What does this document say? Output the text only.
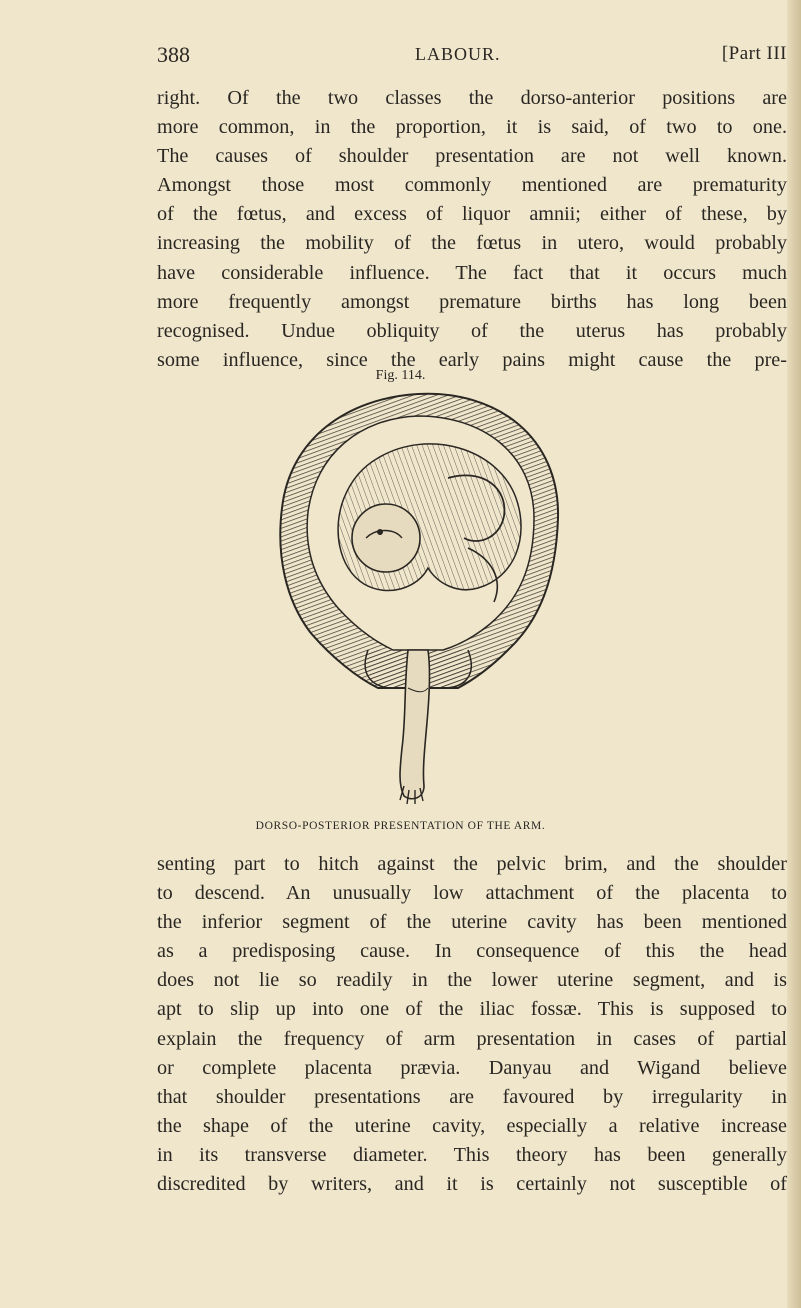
388	LABOUR.	[Part III
right. Of the two classes the dorso-anterior positions are
more common, in the proportion, it is said, of two to one.
The causes of shoulder presentation are not well known.
Amongst those most commonly mentioned are prematurity
of the fœtus, and excess of liquor amnii; either of these, by
increasing the mobility of the fœtus in utero, would probably
have considerable influence. The fact that it occurs much
more frequently amongst premature births has long been
recognised. Undue obliquity of the uterus has probably
some influence, since the early pains might cause the pre-
Fig. 114.
DORSO-POSTERIOR PRESENTATION OF THE ARM.
senting part to hitch against the pelvic brim, and the shoulder
to descend. An unusually low attachment of the placenta to
the inferior segment of the uterine cavity has been mentioned
as a predisposing cause. In consequence of this the head
does not lie so readily in the lower uterine segment, and is
apt to slip up into one of the iliac fossæ. This is supposed to
explain the frequency of arm presentation in cases of partial
or complete placenta prævia. Danyau and Wigand believe
that shoulder presentations are favoured by irregularity in
the shape of the uterine cavity, especially a relative increase
in its transverse diameter. This theory has been generally
discredited by writers, and it is certainly not susceptible of
